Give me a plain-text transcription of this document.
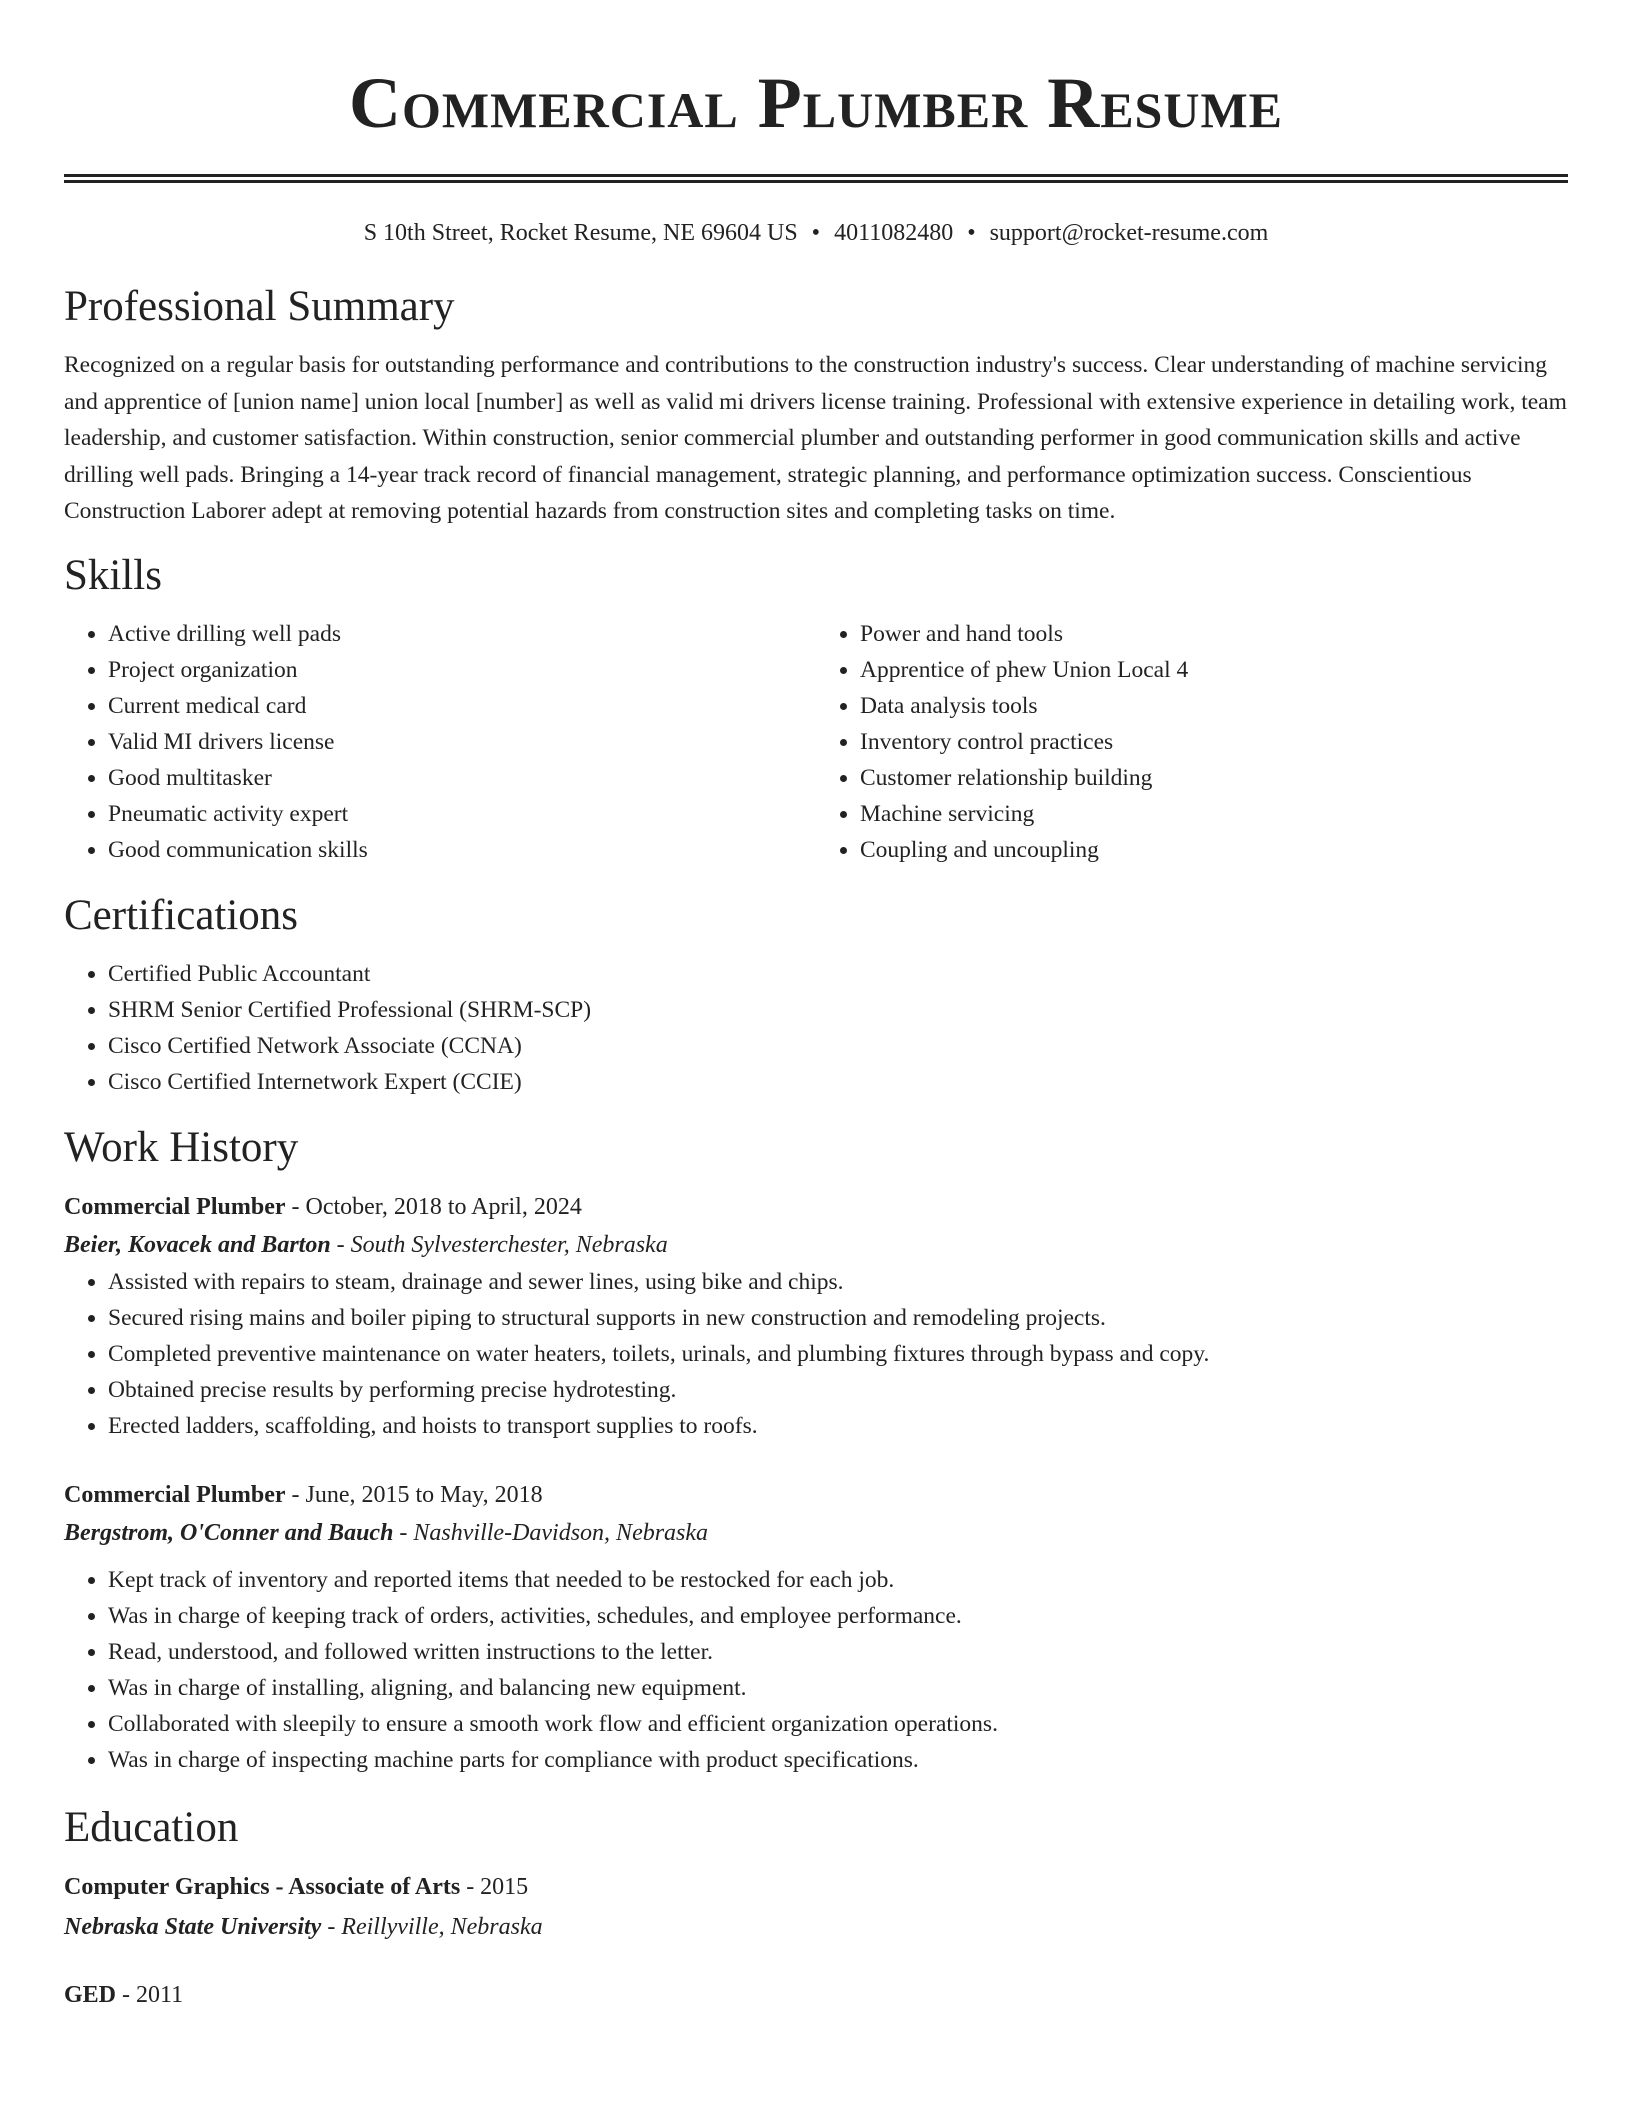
Commercial Plumber Resume
S 10th Street, Rocket Resume, NE 69604 US • 4011082480 • support@rocket-resume.com
Professional Summary

Recognized on a regular basis for outstanding performance and contributions to the construction industry's success. Clear understanding of machine servicing and apprentice of [union name] union local [number] as well as valid mi drivers license training. Professional with extensive experience in detailing work, team leadership, and customer satisfaction. Within construction, senior commercial plumber and outstanding performer in good communication skills and active drilling well pads. Bringing a 14-year track record of financial management, strategic planning, and performance optimization success. Conscientious Construction Laborer adept at removing potential hazards from construction sites and completing tasks on time.

Skills
• Active drilling well pads
• Project organization
• Current medical card
• Valid MI drivers license
• Good multitasker
• Pneumatic activity expert
• Good communication skills
• Power and hand tools
• Apprentice of phew Union Local 4
• Data analysis tools
• Inventory control practices
• Customer relationship building
• Machine servicing
• Coupling and uncoupling
Certifications
• Certified Public Accountant
• SHRM Senior Certified Professional (SHRM-SCP)
• Cisco Certified Network Associate (CCNA)
• Cisco Certified Internetwork Expert (CCIE)
Work History
Commercial Plumber - October, 2018 to April, 2024
Beier, Kovacek and Barton - South Sylvesterchester, Nebraska
• Assisted with repairs to steam, drainage and sewer lines, using bike and chips.
• Secured rising mains and boiler piping to structural supports in new construction and remodeling projects.
• Completed preventive maintenance on water heaters, toilets, urinals, and plumbing fixtures through bypass and copy.
• Obtained precise results by performing precise hydrotesting.
• Erected ladders, scaffolding, and hoists to transport supplies to roofs.
Commercial Plumber - June, 2015 to May, 2018
Bergstrom, O'Conner and Bauch - Nashville-Davidson, Nebraska
• Kept track of inventory and reported items that needed to be restocked for each job.
• Was in charge of keeping track of orders, activities, schedules, and employee performance.
• Read, understood, and followed written instructions to the letter.
• Was in charge of installing, aligning, and balancing new equipment.
• Collaborated with sleepily to ensure a smooth work flow and efficient organization operations.
• Was in charge of inspecting machine parts for compliance with product specifications.
Education
Computer Graphics - Associate of Arts - 2015
Nebraska State University - Reillyville, Nebraska
GED - 2011
